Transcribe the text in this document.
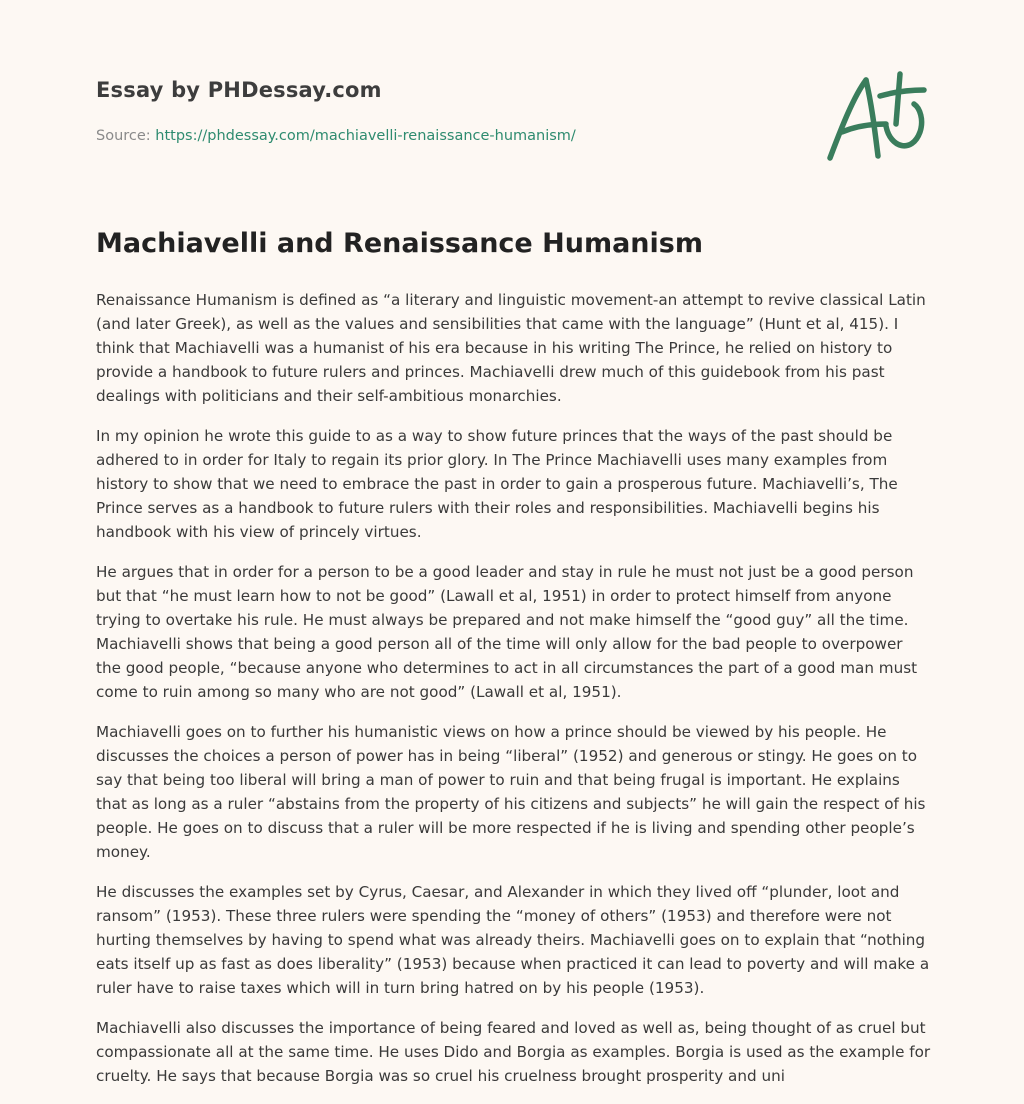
Essay by PHDessay.com
Source: https://phdessay.com/machiavelli-renaissance-humanism/
Machiavelli and Renaissance Humanism

Renaissance Humanism is defined as “a literary and linguistic movement-an attempt to revive classical Latin (and later Greek), as well as the values and sensibilities that came with the language” (Hunt et al, 415). I think that Machiavelli was a humanist of his era because in his writing The Prince, he relied on history to provide a handbook to future rulers and princes. Machiavelli drew much of this guidebook from his past dealings with politicians and their self-ambitious monarchies.

In my opinion he wrote this guide to as a way to show future princes that the ways of the past should be adhered to in order for Italy to regain its prior glory. In The Prince Machiavelli uses many examples from history to show that we need to embrace the past in order to gain a prosperous future. Machiavelli’s, The Prince serves as a handbook to future rulers with their roles and responsibilities. Machiavelli begins his handbook with his view of princely virtues.

He argues that in order for a person to be a good leader and stay in rule he must not just be a good person but that “he must learn how to not be good” (Lawall et al, 1951) in order to protect himself from anyone trying to overtake his rule. He must always be prepared and not make himself the “good guy” all the time. Machiavelli shows that being a good person all of the time will only allow for the bad people to overpower the good people, “because anyone who determines to act in all circumstances the part of a good man must come to ruin among so many who are not good” (Lawall et al, 1951).

Machiavelli goes on to further his humanistic views on how a prince should be viewed by his people. He discusses the choices a person of power has in being “liberal” (1952) and generous or stingy. He goes on to say that being too liberal will bring a man of power to ruin and that being frugal is important. He explains that as long as a ruler “abstains from the property of his citizens and subjects” he will gain the respect of his people. He goes on to discuss that a ruler will be more respected if he is living and spending other people’s money.

He discusses the examples set by Cyrus, Caesar, and Alexander in which they lived off “plunder, loot and ransom” (1953). These three rulers were spending the “money of others” (1953) and therefore were not hurting themselves by having to spend what was already theirs. Machiavelli goes on to explain that “nothing eats itself up as fast as does liberality” (1953) because when practiced it can lead to poverty and will make a ruler have to raise taxes which will in turn bring hatred on by his people (1953).

Machiavelli also discusses the importance of being feared and loved as well as, being thought of as cruel but compassionate all at the same time. He uses Dido and Borgia as examples. Borgia is used as the example for cruelty. He says that because Borgia was so cruel his cruelness brought prosperity and uni
